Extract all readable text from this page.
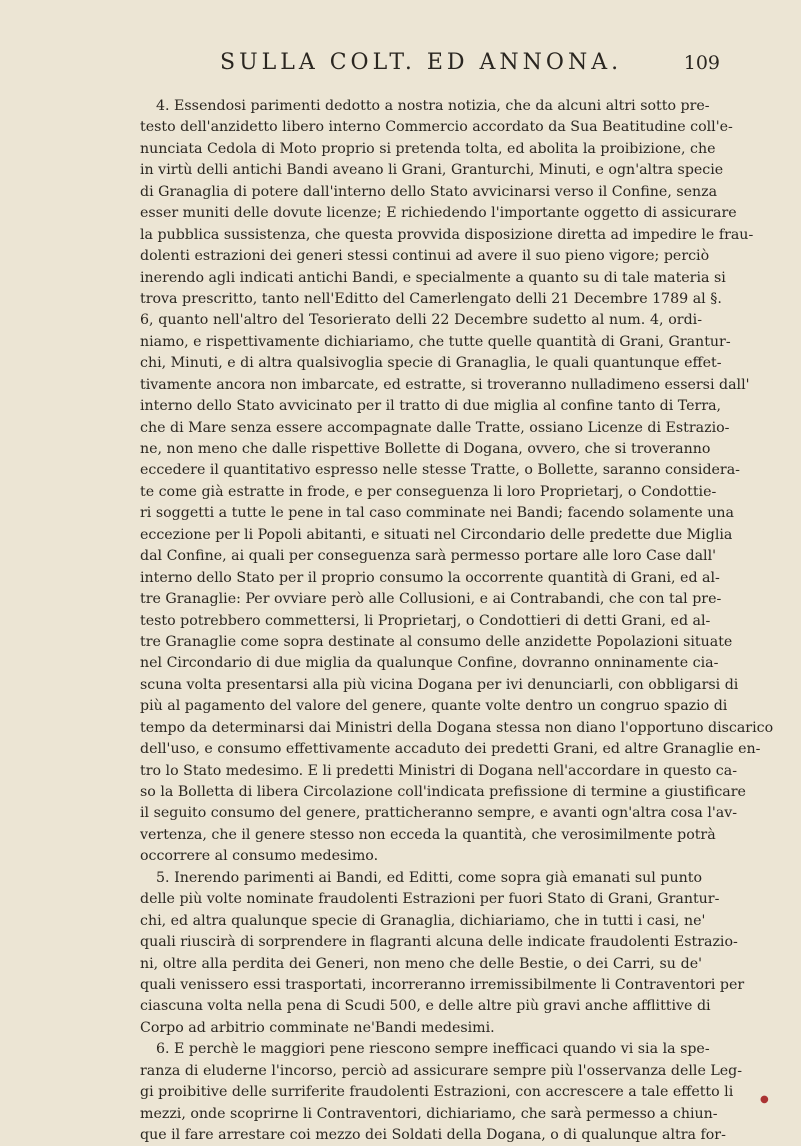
SULLA COLT. ED ANNONA.	109
4. Essendosi parimenti dedotto a nostra notizia, che da alcuni altri sotto pre-
testo dell'anzidetto libero interno Commercio accordato da Sua Beatitudine coll'e-
nunciata Cedola di Moto proprio si pretenda tolta, ed abolita la proibizione, che
in virtù delli antichi Bandi aveano li Grani, Granturchi, Minuti, e ogn'altra specie
di Granaglia di potere dall'interno dello Stato avvicinarsi verso il Confine, senza
esser muniti delle dovute licenze; E richiedendo l'importante oggetto di assicurare
la pubblica sussistenza, che questa provvida disposizione diretta ad impedire le frau-
dolenti estrazioni dei generi stessi continui ad avere il suo pieno vigore; perciò
inerendo agli indicati antichi Bandi, e specialmente a quanto su di tale materia si
trova prescritto, tanto nell'Editto del Camerlengato delli 21 Decembre 1789 al §.
6, quanto nell'altro del Tesorierato delli 22 Decembre sudetto al num. 4, ordi-
niamo, e rispettivamente dichiariamo, che tutte quelle quantità di Grani, Grantur-
chi, Minuti, e di altra qualsivoglia specie di Granaglia, le quali quantunque effet-
tivamente ancora non imbarcate, ed estratte, si troveranno nulladimeno essersi dall'
interno dello Stato avvicinato per il tratto di due miglia al confine tanto di Terra,
che di Mare senza essere accompagnate dalle Tratte, ossiano Licenze di Estrazio-
ne, non meno che dalle rispettive Bollette di Dogana, ovvero, che si troveranno
eccedere il quantitativo espresso nelle stesse Tratte, o Bollette, saranno considera-
te come già estratte in frode, e per conseguenza li loro Proprietarj, o Condottie-
ri soggetti a tutte le pene in tal caso comminate nei Bandi; facendo solamente una
eccezione per li Popoli abitanti, e situati nel Circondario delle predette due Miglia
dal Confine, ai quali per conseguenza sarà permesso portare alle loro Case dall'
interno dello Stato per il proprio consumo la occorrente quantità di Grani, ed al-
tre Granaglie: Per ovviare però alle Collusioni, e ai Contrabandi, che con tal pre-
testo potrebbero commettersi, li Proprietarj, o Condottieri di detti Grani, ed al-
tre Granaglie come sopra destinate al consumo delle anzidette Popolazioni situate
nel Circondario di due miglia da qualunque Confine, dovranno onninamente cia-
scuna volta presentarsi alla più vicina Dogana per ivi denunciarli, con obbligarsi di
più al pagamento del valore del genere, quante volte dentro un congruo spazio di
tempo da determinarsi dai Ministri della Dogana stessa non diano l'opportuno discarico
dell'uso, e consumo effettivamente accaduto dei predetti Grani, ed altre Granaglie en-
tro lo Stato medesimo. E li predetti Ministri di Dogana nell'accordare in questo ca-
so la Bolletta di libera Circolazione coll'indicata prefissione di termine a giustificare
il seguito consumo del genere, pratticheranno sempre, e avanti ogn'altra cosa l'av-
vertenza, che il genere stesso non ecceda la quantità, che verosimilmente potrà
occorrere al consumo medesimo.
5. Inerendo parimenti ai Bandi, ed Editti, come sopra già emanati sul punto
delle più volte nominate fraudolenti Estrazioni per fuori Stato di Grani, Grantur-
chi, ed altra qualunque specie di Granaglia, dichiariamo, che in tutti i casi, ne'
quali riuscirà di sorprendere in flagranti alcuna delle indicate fraudolenti Estrazio-
ni, oltre alla perdita dei Generi, non meno che delle Bestie, o dei Carri, su de'
quali venissero essi trasportati, incorreranno irremissibilmente li Contraventori per
ciascuna volta nella pena di Scudi 500, e delle altre più gravi anche afflittive di
Corpo ad arbitrio comminate ne'Bandi medesimi.
6. E perchè le maggiori pene riescono sempre inefficaci quando vi sia la spe-
ranza di eluderne l'incorso, perciò ad assicurare sempre più l'osservanza delle Leg-
gi proibitive delle surriferite fraudolenti Estrazioni, con accrescere a tale effetto li
mezzi, onde scoprirne li Contraventori, dichiariamo, che sarà permesso a chiun-
que il fare arrestare coi mezzo dei Soldati della Dogana, o di qualunque altra for-
●
